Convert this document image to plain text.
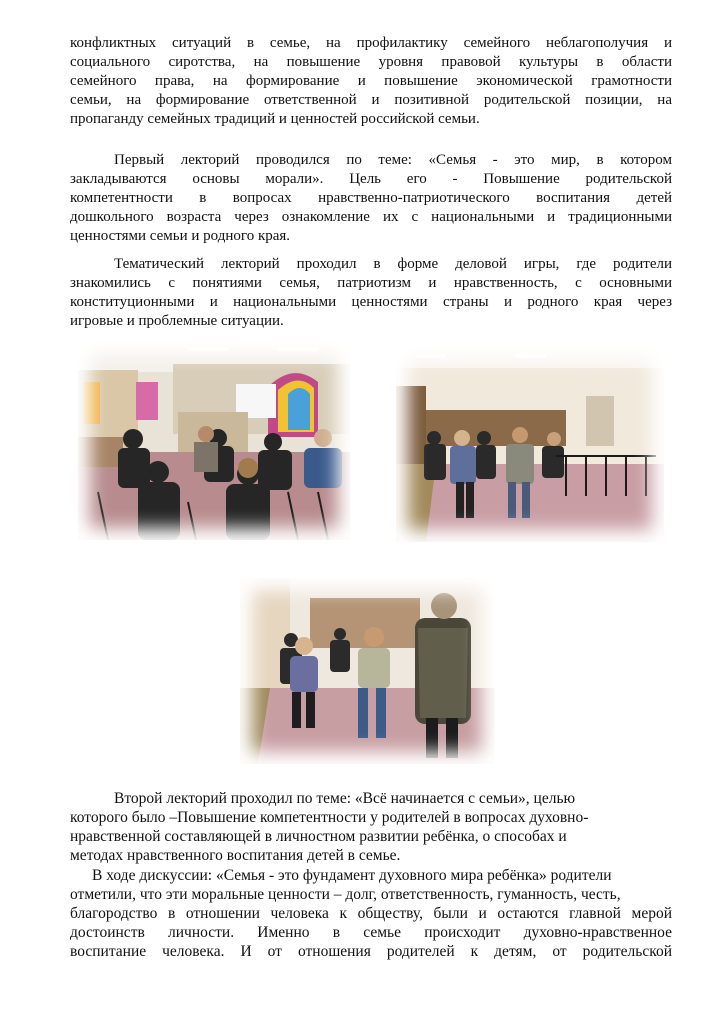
конфликтных ситуаций в семье, на профилактику семейного неблагополучия и
социального сиротства, на повышение уровня правовой культуры в области
семейного права, на формирование и повышение экономической грамотности
семьи, на формирование ответственной и позитивной родительской позиции, на
пропаганду семейных традиций и ценностей российской семьи.
Первый лекторий проводился по теме: «Семья - это мир, в котором
закладываются основы морали». Цель его - Повышение родительской
компетентности в вопросах нравственно-патриотического воспитания детей
дошкольного возраста через ознакомление их с национальными и традиционными
ценностями семьи и родного края.
Тематический лекторий проходил в форме деловой игры, где родители
знакомились с понятиями семья, патриотизм и нравственность, с основными
конституционными и национальными ценностями страны и родного края через
игровые и проблемные ситуации.
Второй лекторий проходил по теме: «Всё начинается с семьи», целью
которого было –Повышение компетентности у родителей в вопросах духовно-
нравственной составляющей в личностном развитии ребёнка, о способах и
методах нравственного воспитания детей в семье.
В ходе дискуссии: «Семья - это фундамент духовного мира ребёнка» родители
отметили, что эти моральные ценности – долг, ответственность, гуманность, честь,
благородство в отношении человека к обществу, были и остаются главной мерой
достоинств личности. Именно в семье происходит духовно-нравственное
воспитание человека. И от отношения родителей к детям, от родительской
